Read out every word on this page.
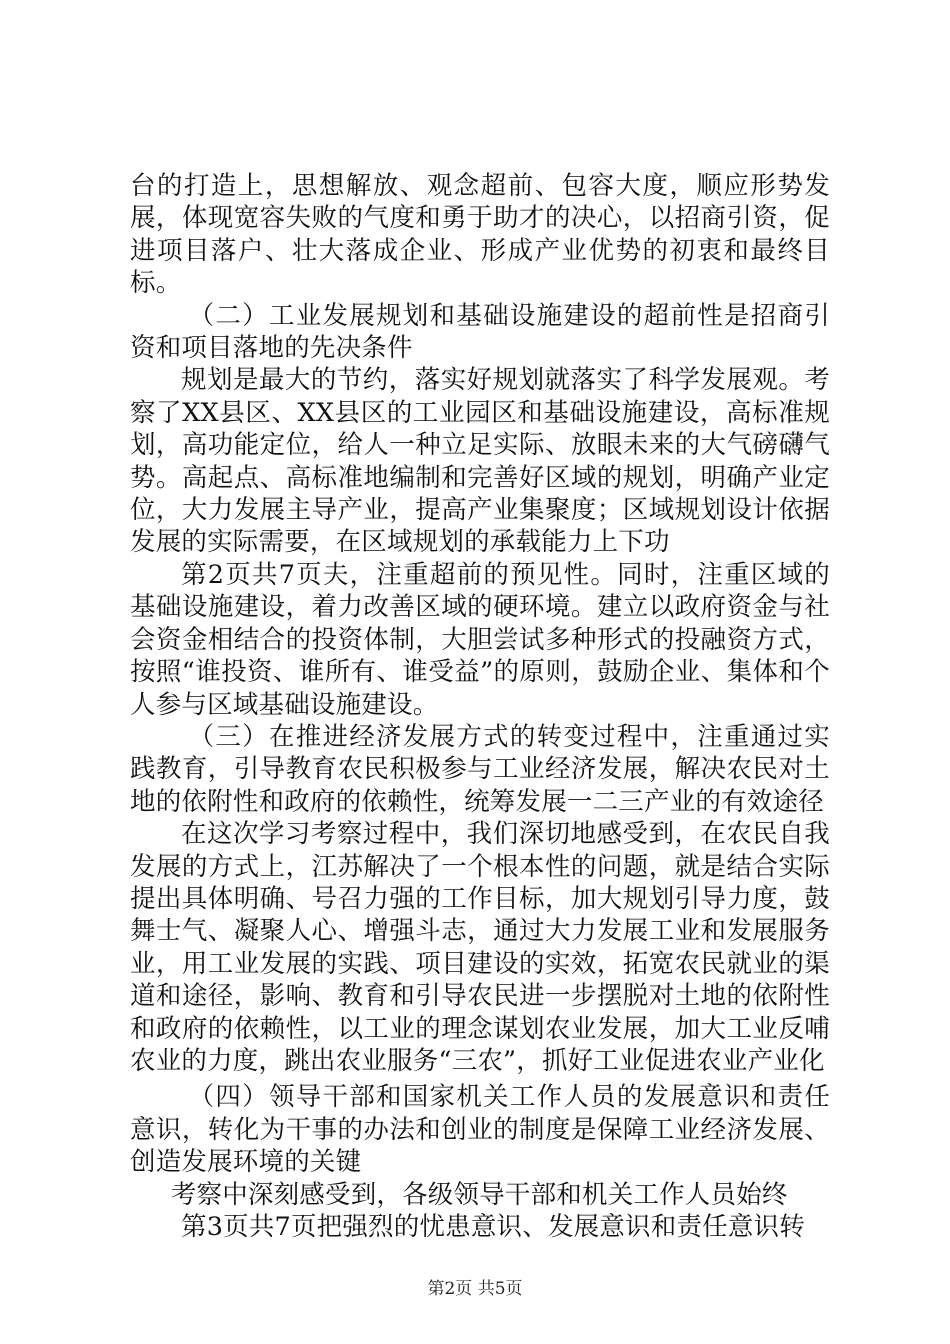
台的打造上，思想解放、观念超前、包容大度，顺应形势发展，体现宽容失败的气度和勇于助才的决心，以招商引资，促进项目落户、壮大落成企业、形成产业优势的初衷和最终目标。

（二）工业发展规划和基础设施建设的超前性是招商引资和项目落地的先决条件

规划是最大的节约，落实好规划就落实了科学发展观。考察了XX县区、XX县区的工业园区和基础设施建设，高标准规划，高功能定位，给人一种立足实际、放眼未来的大气磅礴气势。高起点、高标准地编制和完善好区域的规划，明确产业定位，大力发展主导产业，提高产业集聚度；区域规划设计依据发展的实际需要，在区域规划的承载能力上下功

第2页共7页夫，注重超前的预见性。同时，注重区域的基础设施建设，着力改善区域的硬环境。建立以政府资金与社会资金相结合的投资体制，大胆尝试多种形式的投融资方式，按照“谁投资、谁所有、谁受益”的原则，鼓励企业、集体和个人参与区域基础设施建设。

（三）在推进经济发展方式的转变过程中，注重通过实践教育，引导教育农民积极参与工业经济发展，解决农民对土地的依附性和政府的依赖性，统筹发展一二三产业的有效途径

在这次学习考察过程中，我们深切地感受到，在农民自我发展的方式上，江苏解决了一个根本性的问题，就是结合实际提出具体明确、号召力强的工作目标，加大规划引导力度，鼓舞士气、凝聚人心、增强斗志，通过大力发展工业和发展服务业，用工业发展的实践、项目建设的实效，拓宽农民就业的渠道和途径，影响、教育和引导农民进一步摆脱对土地的依附性和政府的依赖性，以工业的理念谋划农业发展，加大工业反哺农业的力度，跳出农业服务“三农”，抓好工业促进农业产业化

（四）领导干部和国家机关工作人员的发展意识和责任意识，转化为干事的办法和创业的制度是保障工业经济发展、创造发展环境的关键

考察中深刻感受到，各级领导干部和机关工作人员始终

第3页共7页把强烈的忧患意识、发展意识和责任意识转

第2页 共5页
